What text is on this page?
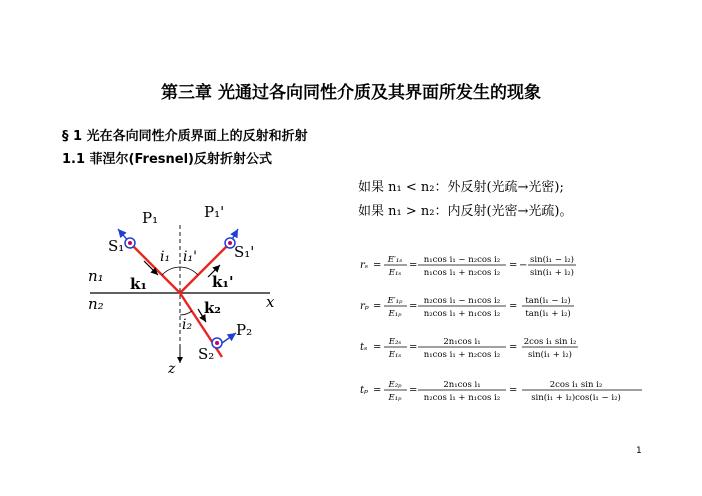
第三章 光通过各向同性介质及其界面所发生的现象
§ 1 光在各向同性介质界面上的反射和折射
1.1 菲涅尔(Fresnel)反射折射公式
如果 n₁ < n₂：外反射(光疏→光密);
如果 n₁ > n₂：内反射(光密→光疏)。
P₁	P₁'
S₁	S₁'
i₁ i₁'
k₁	k₁'
n₁
n₂	x
k₂
i₂	P₂
S₂
z
rₛ = E′₁ₛ
E₁ₛ
= n₁cos i₁ − n₂cos i₂
n₁cos i₁ + n₂cos i₂
= − sin(i₁ − i₂)
sin(i₁ + i₂)
rₚ = E′₁ₚ
E₁ₚ
= n₂cos i₁ − n₁cos i₂
n₂cos i₁ + n₁cos i₂
= tan(i₁ − i₂)
tan(i₁ + i₂)
tₛ = E₂ₛ
E₁ₛ
=	2n₁cos i₁
n₁cos i₁ + n₂cos i₂
= 2cos i₁ sin i₂
sin(i₁ + i₂)
tₚ = E₂ₚ
E₁ₚ
=	2n₁cos i₁
n₂cos i₁ + n₁cos i₂
=	2cos i₁ sin i₂
sin(i₁ + i₂)cos(i₁ − i₂)
1
